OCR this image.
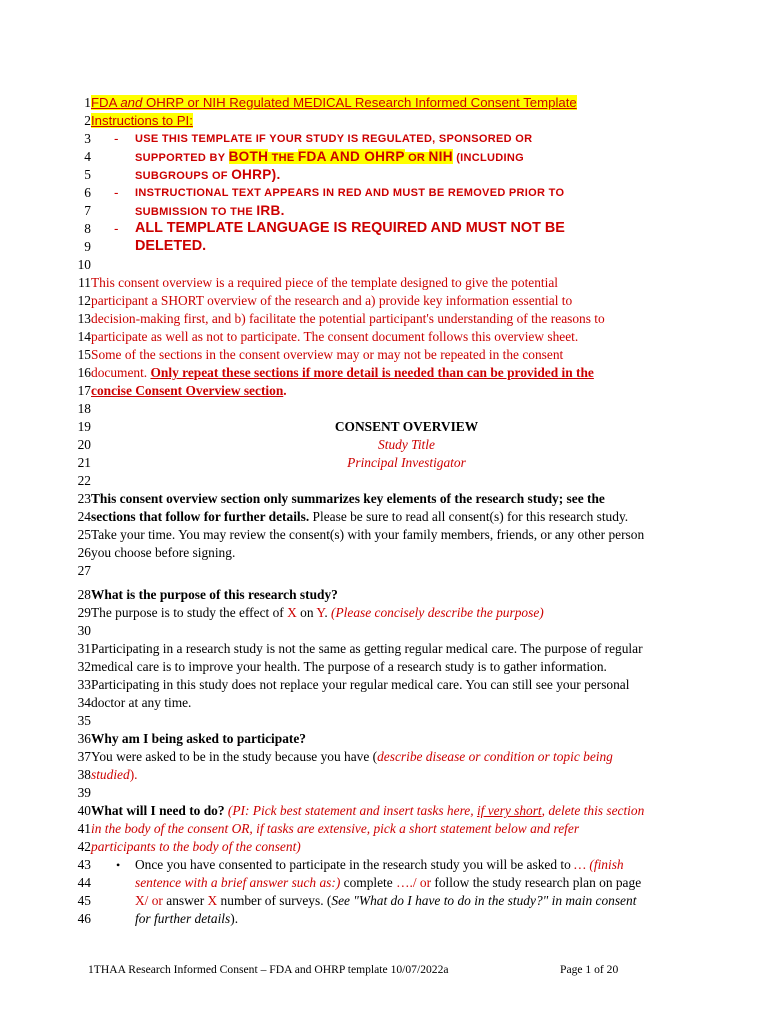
1
2
3
4
5
6
7
8
9
10
11
12
13
14
15
16
17
18
19
20
21
22
23
24
25
26
27
28
29
30
31
32
33
34
35
36
37
38
39
40
41
42
43
44
45
46
FDA and OHRP or NIH Regulated MEDICAL Research Informed Consent Template
Instructions to PI:
- USE THIS TEMPLATE IF YOUR STUDY IS REGULATED, SPONSORED OR
SUPPORTED BY BOTH THE FDA AND OHRP OR NIH (INCLUDING
SUBGROUPS OF OHRP).
- INSTRUCTIONAL TEXT APPEARS IN RED AND MUST BE REMOVED PRIOR TO
SUBMISSION TO THE IRB.
- ALL TEMPLATE LANGUAGE IS REQUIRED AND MUST NOT BE
DELETED.
This consent overview is a required piece of the template designed to give the potential
participant a SHORT overview of the research and a) provide key information essential to
decision-making first, and b) facilitate the potential participant's understanding of the reasons to
participate as well as not to participate. The consent document follows this overview sheet.
Some of the sections in the consent overview may or may not be repeated in the consent
document. Only repeat these sections if more detail is needed than can be provided in the
concise Consent Overview section.
CONSENT OVERVIEW
Study Title
Principal Investigator
This consent overview section only summarizes key elements of the research study; see the
sections that follow for further details. Please be sure to read all consent(s) for this research study.
Take your time. You may review the consent(s) with your family members, friends, or any other person
you choose before signing.
What is the purpose of this research study?
The purpose is to study the effect of X on Y. (Please concisely describe the purpose)
Participating in a research study is not the same as getting regular medical care. The purpose of regular
medical care is to improve your health. The purpose of a research study is to gather information.
Participating in this study does not replace your regular medical care. You can still see your personal
doctor at any time.
Why am I being asked to participate?
You were asked to be in the study because you have (describe disease or condition or topic being
studied).
What will I need to do? (PI: Pick best statement and insert tasks here, if very short, delete this section
in the body of the consent OR, if tasks are extensive, pick a short statement below and refer
participants to the body of the consent)
• Once you have consented to participate in the research study you will be asked to … (finish
sentence with a brief answer such as:) complete …./ or follow the study research plan on page
X/ or answer X number of surveys. (See "What do I have to do in the study?" in main consent
for further details).
1THAA Research Informed Consent – FDA and OHRP template 10/07/2022a	Page 1 of 20
